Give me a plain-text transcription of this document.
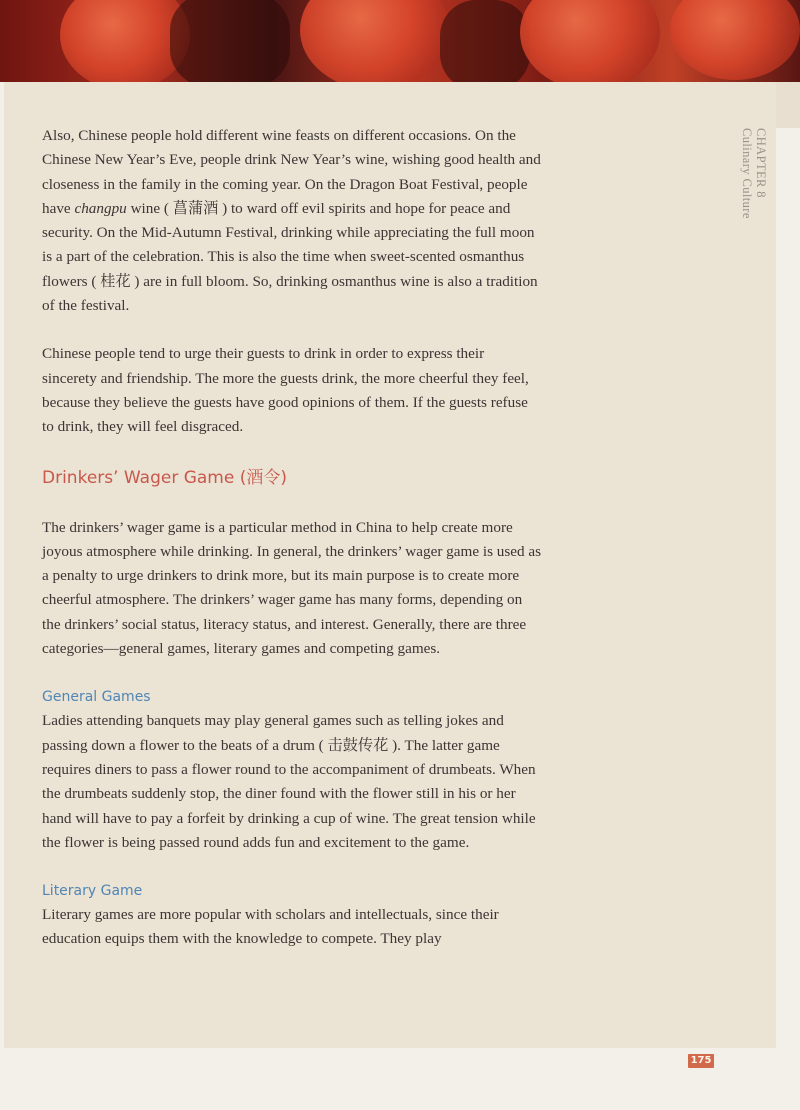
CHAPTER 8
Culinary Culture

Also, Chinese people hold different wine feasts on different occasions. On the Chinese New Year’s Eve, people drink New Year’s wine, wishing good health and closeness in the family in the coming year. On the Dragon Boat Festival, people have changpu wine ( 菖蒲酒 ) to ward off evil spirits and hope for peace and security. On the Mid-Autumn Festival, drinking while appreciating the full moon is a part of the celebration. This is also the time when sweet-scented osmanthus flowers ( 桂花 ) are in full bloom. So, drinking osmanthus wine is also a tradition of the festival.

Chinese people tend to urge their guests to drink in order to express their sincerety and friendship. The more the guests drink, the more cheerful they feel, because they believe the guests have good opinions of them. If the guests refuse to drink, they will feel disgraced.

Drinkers’ Wager Game (酒令)

The drinkers’ wager game is a particular method in China to help create more joyous atmosphere while drinking. In general, the drinkers’ wager game is used as a penalty to urge drinkers to drink more, but its main purpose is to create more cheerful atmosphere. The drinkers’ wager game has many forms, depending on the drinkers’ social status, literacy status, and interest. Generally, there are three categories—general games, literary games and competing games.

General Games

Ladies attending banquets may play general games such as telling jokes and passing down a flower to the beats of a drum ( 击鼓传花 ). The latter game requires diners to pass a flower round to the accompaniment of drumbeats. When the drumbeats suddenly stop, the diner found with the flower still in his or her hand will have to pay a forfeit by drinking a cup of wine. The great tension while the flower is being passed round adds fun and excitement to the game.

Literary Game

Literary games are more popular with scholars and intellectuals, since their education equips them with the knowledge to compete. They play

175
